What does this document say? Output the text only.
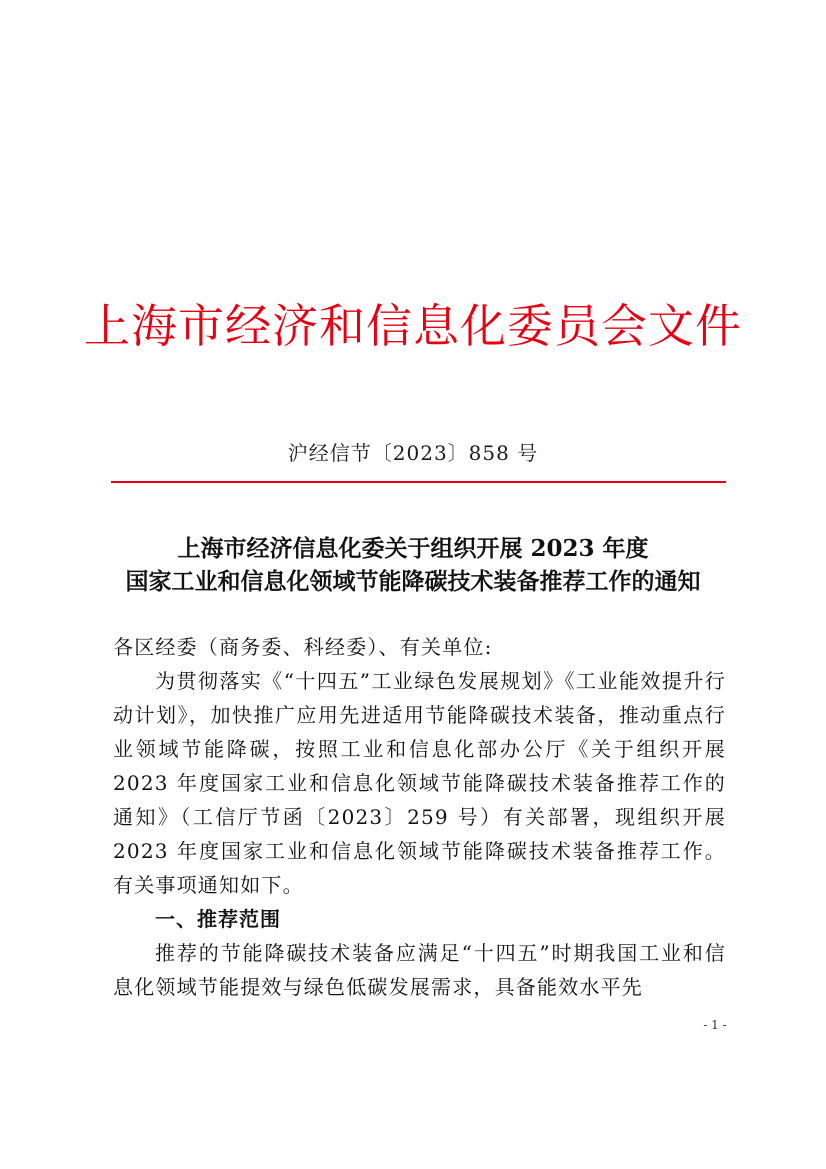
上海市经济和信息化委员会文件
沪经信节〔2023〕858 号
上海市经济信息化委关于组织开展 2023 年度
国家工业和信息化领域节能降碳技术装备推荐工作的通知

各区经委（商务委、科经委）、有关单位:

为贯彻落实《“十四五”工业绿色发展规划》《工业能效提升行动计划》，加快推广应用先进适用节能降碳技术装备，推动重点行业领域节能降碳，按照工业和信息化部办公厅《关于组织开展 2023 年度国家工业和信息化领域节能降碳技术装备推荐工作的通知》（工信厅节函〔2023〕259 号）有关部署，现组织开展 2023 年度国家工业和信息化领域节能降碳技术装备推荐工作。有关事项通知如下。

一、推荐范围

推荐的节能降碳技术装备应满足“十四五”时期我国工业和信息化领域节能提效与绿色低碳发展需求，具备能效水平先

- 1 -
